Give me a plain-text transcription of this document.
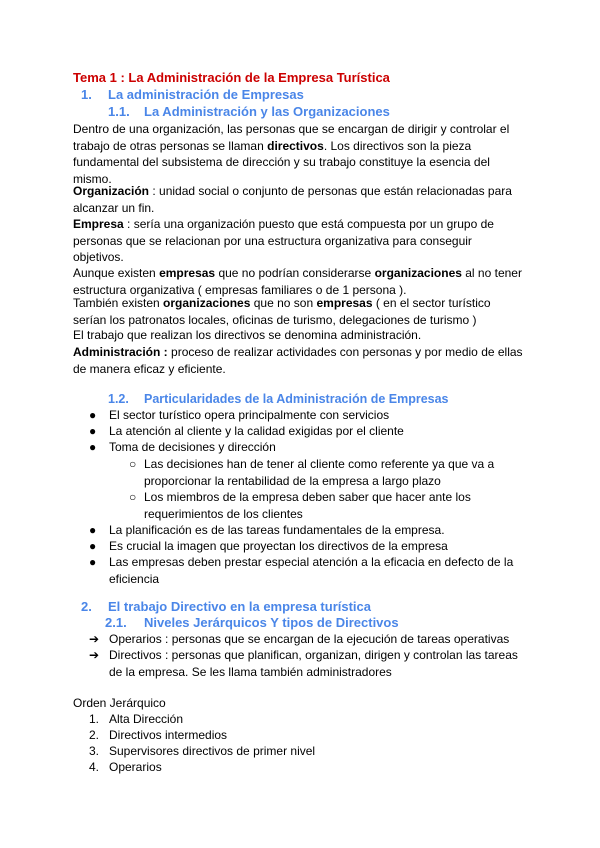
Tema 1 : La Administración de la Empresa Turística
1. La administración de Empresas
1.1. La Administración y las Organizaciones
Dentro de una organización, las personas que se encargan de dirigir y controlar el
trabajo de otras personas se llaman directivos. Los directivos son la pieza
fundamental del subsistema de dirección y su trabajo constituye la esencia del
mismo.
Organización : unidad social o conjunto de personas que están relacionadas para
alcanzar un fin.
Empresa : sería una organización puesto que está compuesta por un grupo de
personas que se relacionan por una estructura organizativa para conseguir
objetivos.
Aunque existen empresas que no podrían considerarse organizaciones al no tener
estructura organizativa ( empresas familiares o de 1 persona ).
También existen organizaciones que no son empresas ( en el sector turístico
serían los patronatos locales, oficinas de turismo, delegaciones de turismo )
El trabajo que realizan los directivos se denomina administración.
Administración : proceso de realizar actividades con personas y por medio de ellas
de manera eficaz y eficiente.
1.2. Particularidades de la Administración de Empresas
● El sector turístico opera principalmente con servicios
● La atención al cliente y la calidad exigidas por el cliente
● Toma de decisiones y dirección
○ Las decisiones han de tener al cliente como referente ya que va a
proporcionar la rentabilidad de la empresa a largo plazo
○ Los miembros de la empresa deben saber que hacer ante los
requerimientos de los clientes
● La planificación es de las tareas fundamentales de la empresa.
● Es crucial la imagen que proyectan los directivos de la empresa
● Las empresas deben prestar especial atención a la eficacia en defecto de la
eficiencia
2. El trabajo Directivo en la empresa turística
2.1. Niveles Jerárquicos Y tipos de Directivos
➔ Operarios : personas que se encargan de la ejecución de tareas operativas
➔ Directivos : personas que planifican, organizan, dirigen y controlan las tareas
de la empresa. Se les llama también administradores
Orden Jerárquico
1. Alta Dirección
2. Directivos intermedios
3. Supervisores directivos de primer nivel
4. Operarios
